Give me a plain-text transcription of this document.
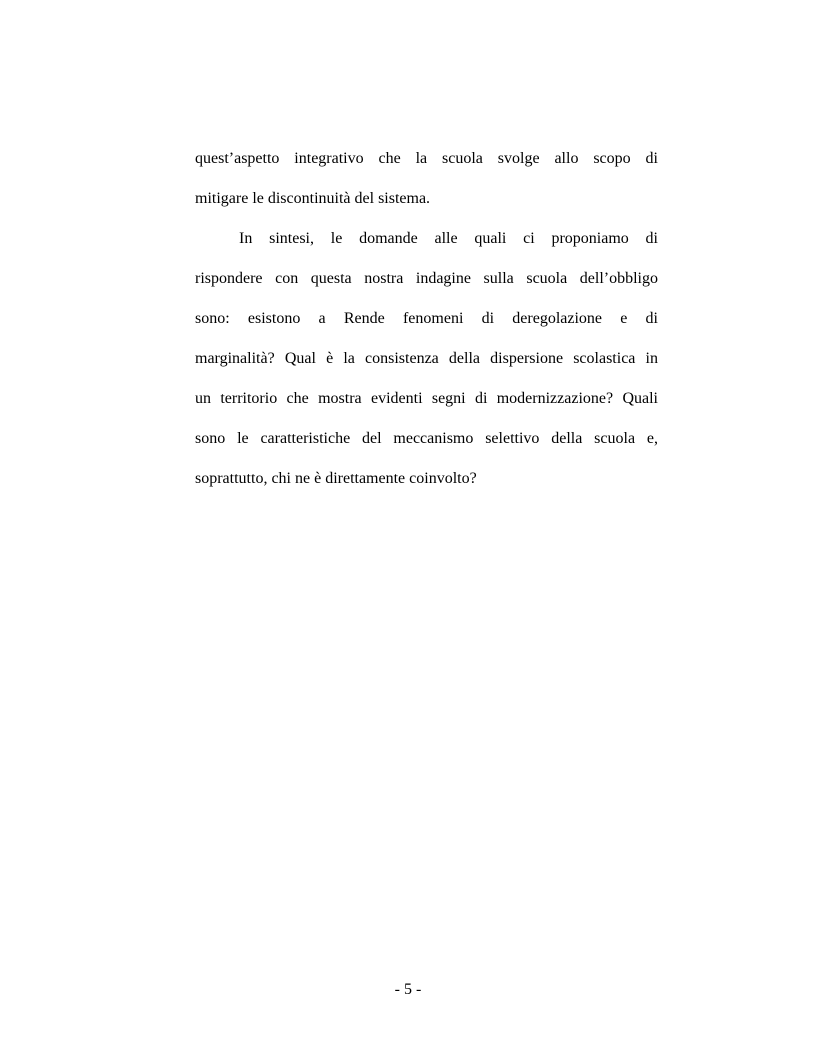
quest’aspetto integrativo che la scuola svolge allo scopo di
mitigare le discontinuità del sistema.
In sintesi, le domande alle quali ci proponiamo di
rispondere con questa nostra indagine sulla scuola dell’obbligo
sono: esistono a Rende fenomeni di deregolazione e di
marginalità? Qual è la consistenza della dispersione scolastica in
un territorio che mostra evidenti segni di modernizzazione? Quali
sono le caratteristiche del meccanismo selettivo della scuola e,
soprattutto, chi ne è direttamente coinvolto?
- 5 -
